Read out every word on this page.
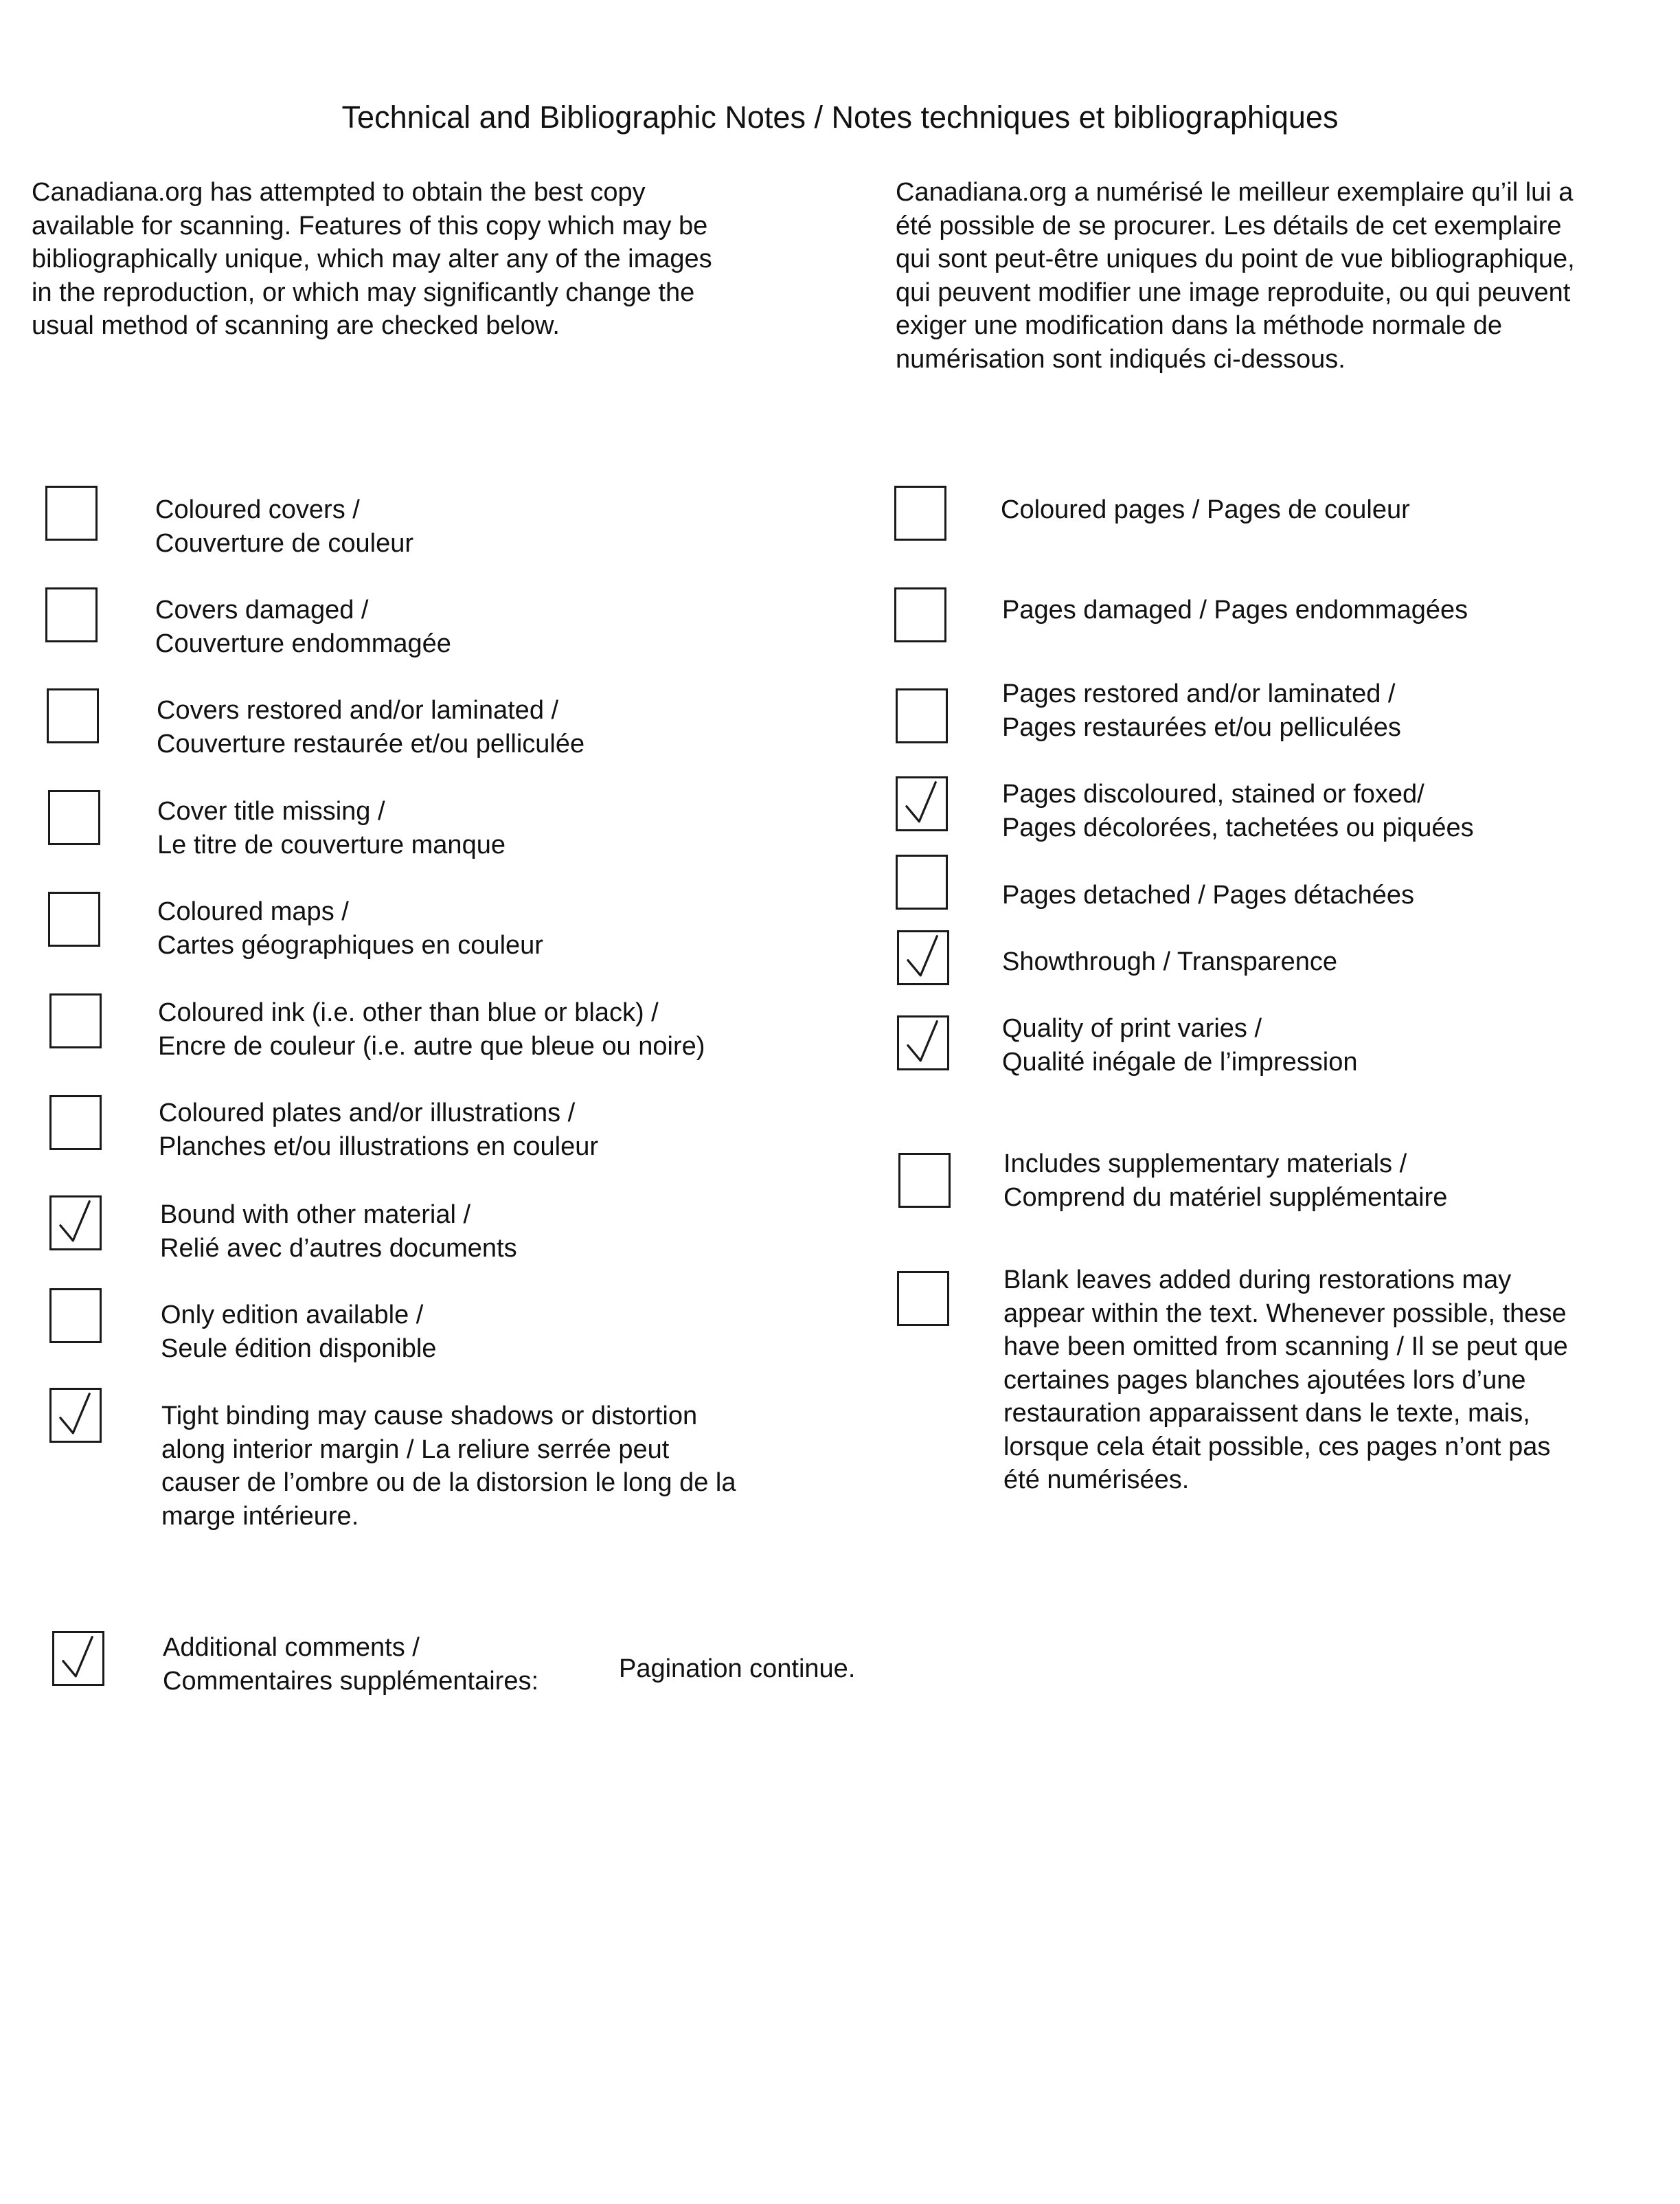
Technical and Bibliographic Notes / Notes techniques et bibliographiques
Canadiana.org has attempted to obtain the best copy
available for scanning. Features of this copy which may be
bibliographically unique, which may alter any of the images
in the reproduction, or which may significantly change the
usual method of scanning are checked below.
Canadiana.org a numérisé le meilleur exemplaire qu’il lui a
été possible de se procurer. Les détails de cet exemplaire
qui sont peut-être uniques du point de vue bibliographique,
qui peuvent modifier une image reproduite, ou qui peuvent
exiger une modification dans la méthode normale de
numérisation sont indiqués ci-dessous.
Coloured covers /
Couverture de couleur
Covers damaged /
Couverture endommagée
Covers restored and/or laminated /
Couverture restaurée et/ou pelliculée
Cover title missing /
Le titre de couverture manque
Coloured maps /
Cartes géographiques en couleur
Coloured ink (i.e. other than blue or black) /
Encre de couleur (i.e. autre que bleue ou noire)
Coloured plates and/or illustrations /
Planches et/ou illustrations en couleur
Bound with other material /
Relié avec d’autres documents
Only edition available /
Seule édition disponible
Tight binding may cause shadows or distortion
along interior margin / La reliure serrée peut
causer de l’ombre ou de la distorsion le long de la
marge intérieure.
Coloured pages / Pages de couleur
Pages damaged / Pages endommagées
Pages restored and/or laminated /
Pages restaurées et/ou pelliculées
Pages discoloured, stained or foxed/
Pages décolorées, tachetées ou piquées
Pages detached / Pages détachées
Showthrough / Transparence
Quality of print varies /
Qualité inégale de l’impression
Includes supplementary materials /
Comprend du matériel supplémentaire
Blank leaves added during restorations may
appear within the text. Whenever possible, these
have been omitted from scanning / Il se peut que
certaines pages blanches ajoutées lors d’une
restauration apparaissent dans le texte, mais,
lorsque cela était possible, ces pages n’ont pas
été numérisées.
Additional comments /
Commentaires supplémentaires:	Pagination continue.
